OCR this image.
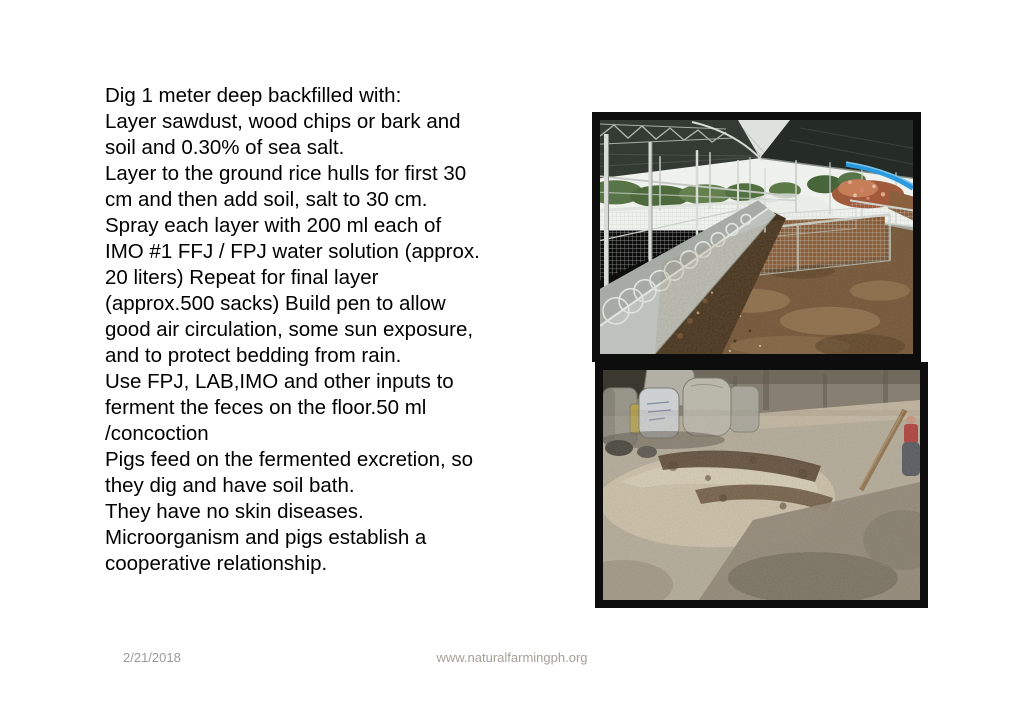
Dig 1 meter deep backfilled with:
Layer sawdust, wood chips or bark and
soil and 0.30% of sea salt.
Layer to the ground rice hulls for first 30
cm and then add soil, salt to 30 cm.
Spray each layer with 200 ml each of
IMO #1 FFJ / FPJ water solution (approx.
20 liters) Repeat for final layer
(approx.500 sacks) Build pen to allow
good air circulation, some sun exposure,
and to protect bedding from rain.
Use FPJ, LAB,IMO and other inputs to
ferment the feces on the floor.50 ml
/concoction
Pigs feed on the fermented excretion, so
they dig and have soil bath.
They have no skin diseases.
Microorganism and pigs establish a
cooperative relationship.
2/21/2018	www.naturalfarmingph.org
